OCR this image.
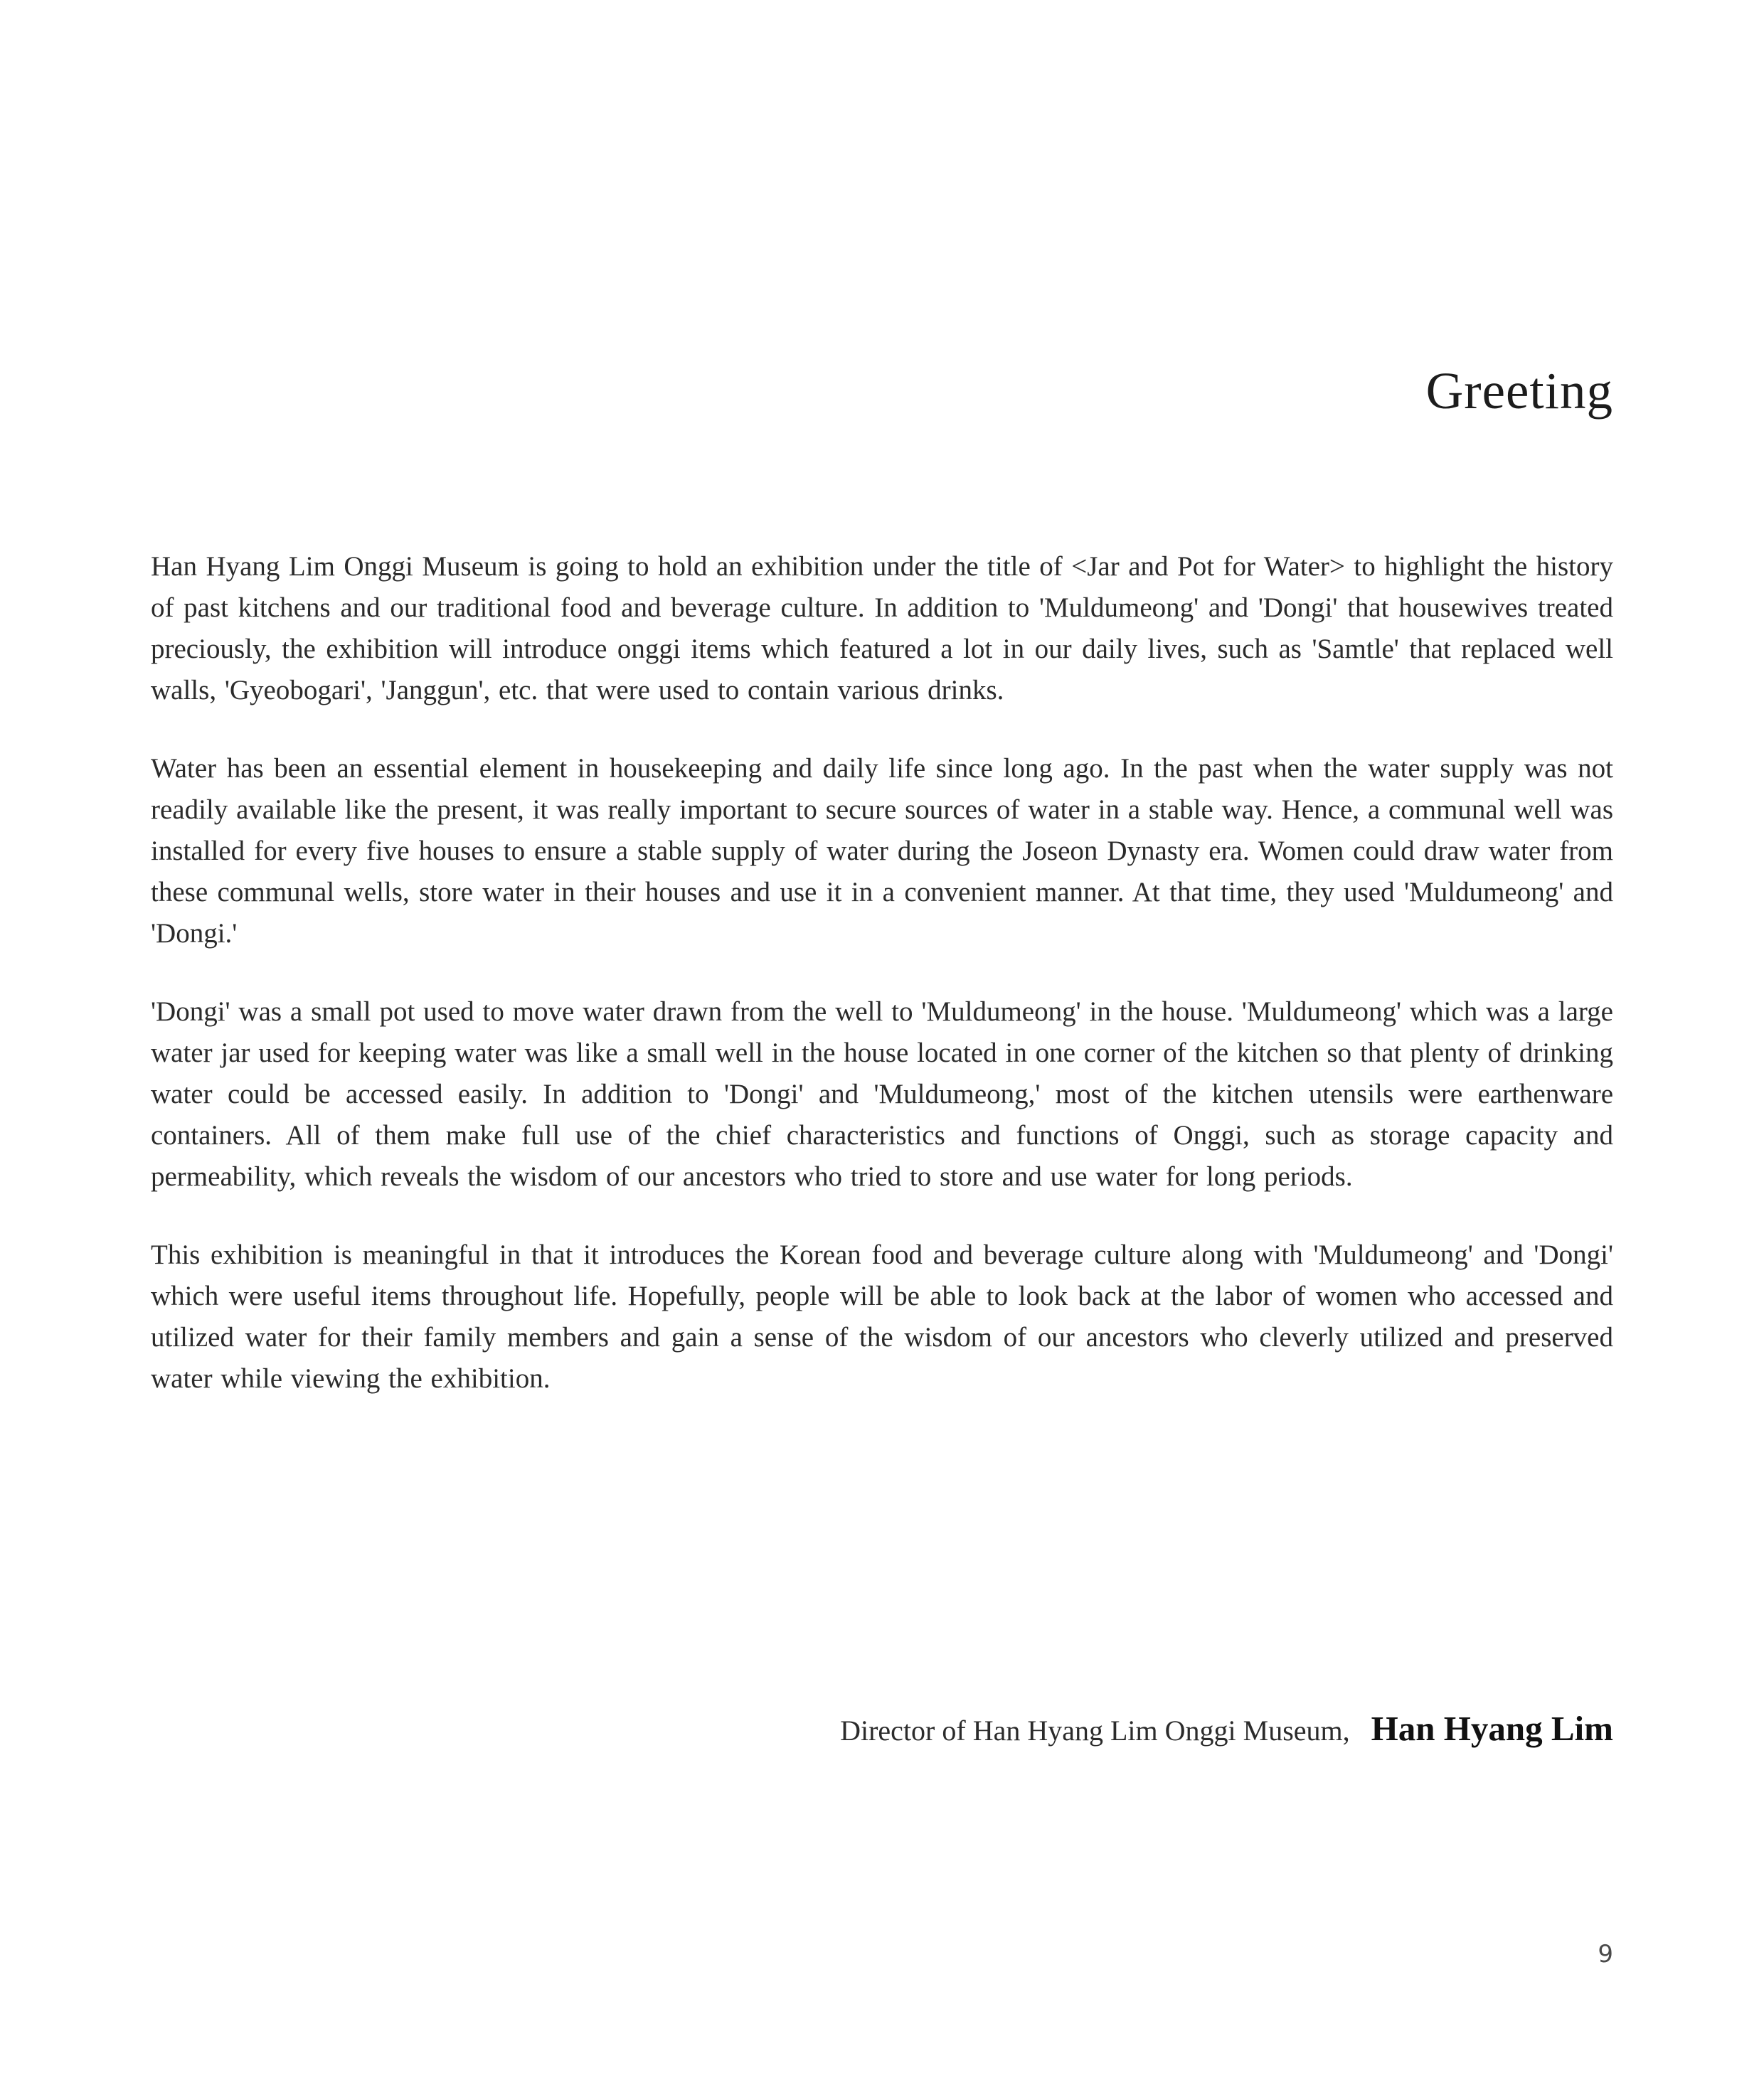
Greeting

Han Hyang Lim Onggi Museum is going to hold an exhibition under the title of <Jar and Pot for Water> to highlight the history of past kitchens and our traditional food and beverage culture. In addition to 'Muldumeong' and 'Dongi' that housewives treated preciously, the exhibition will introduce onggi items which featured a lot in our daily lives, such as 'Samtle' that replaced well walls, 'Gyeobogari', 'Janggun', etc. that were used to contain various drinks.

Water has been an essential element in housekeeping and daily life since long ago. In the past when the water supply was not readily available like the present, it was really important to secure sources of water in a stable way. Hence, a communal well was installed for every five houses to ensure a stable supply of water during the Joseon Dynasty era. Women could draw water from these communal wells, store water in their houses and use it in a convenient manner. At that time, they used 'Muldumeong' and 'Dongi.'

'Dongi' was a small pot used to move water drawn from the well to 'Muldumeong' in the house. 'Muldumeong' which was a large water jar used for keeping water was like a small well in the house located in one corner of the kitchen so that plenty of drinking water could be accessed easily. In addition to 'Dongi' and 'Muldumeong,' most of the kitchen utensils were earthenware containers. All of them make full use of the chief characteristics and functions of Onggi, such as storage capacity and permeability, which reveals the wisdom of our ancestors who tried to store and use water for long periods.

This exhibition is meaningful in that it introduces the Korean food and beverage culture along with 'Muldumeong' and 'Dongi' which were useful items throughout life. Hopefully, people will be able to look back at the labor of women who accessed and utilized water for their family members and gain a sense of the wisdom of our ancestors who cleverly utilized and preserved water while viewing the exhibition.

Director of Han Hyang Lim Onggi Museum, Han Hyang Lim
9
